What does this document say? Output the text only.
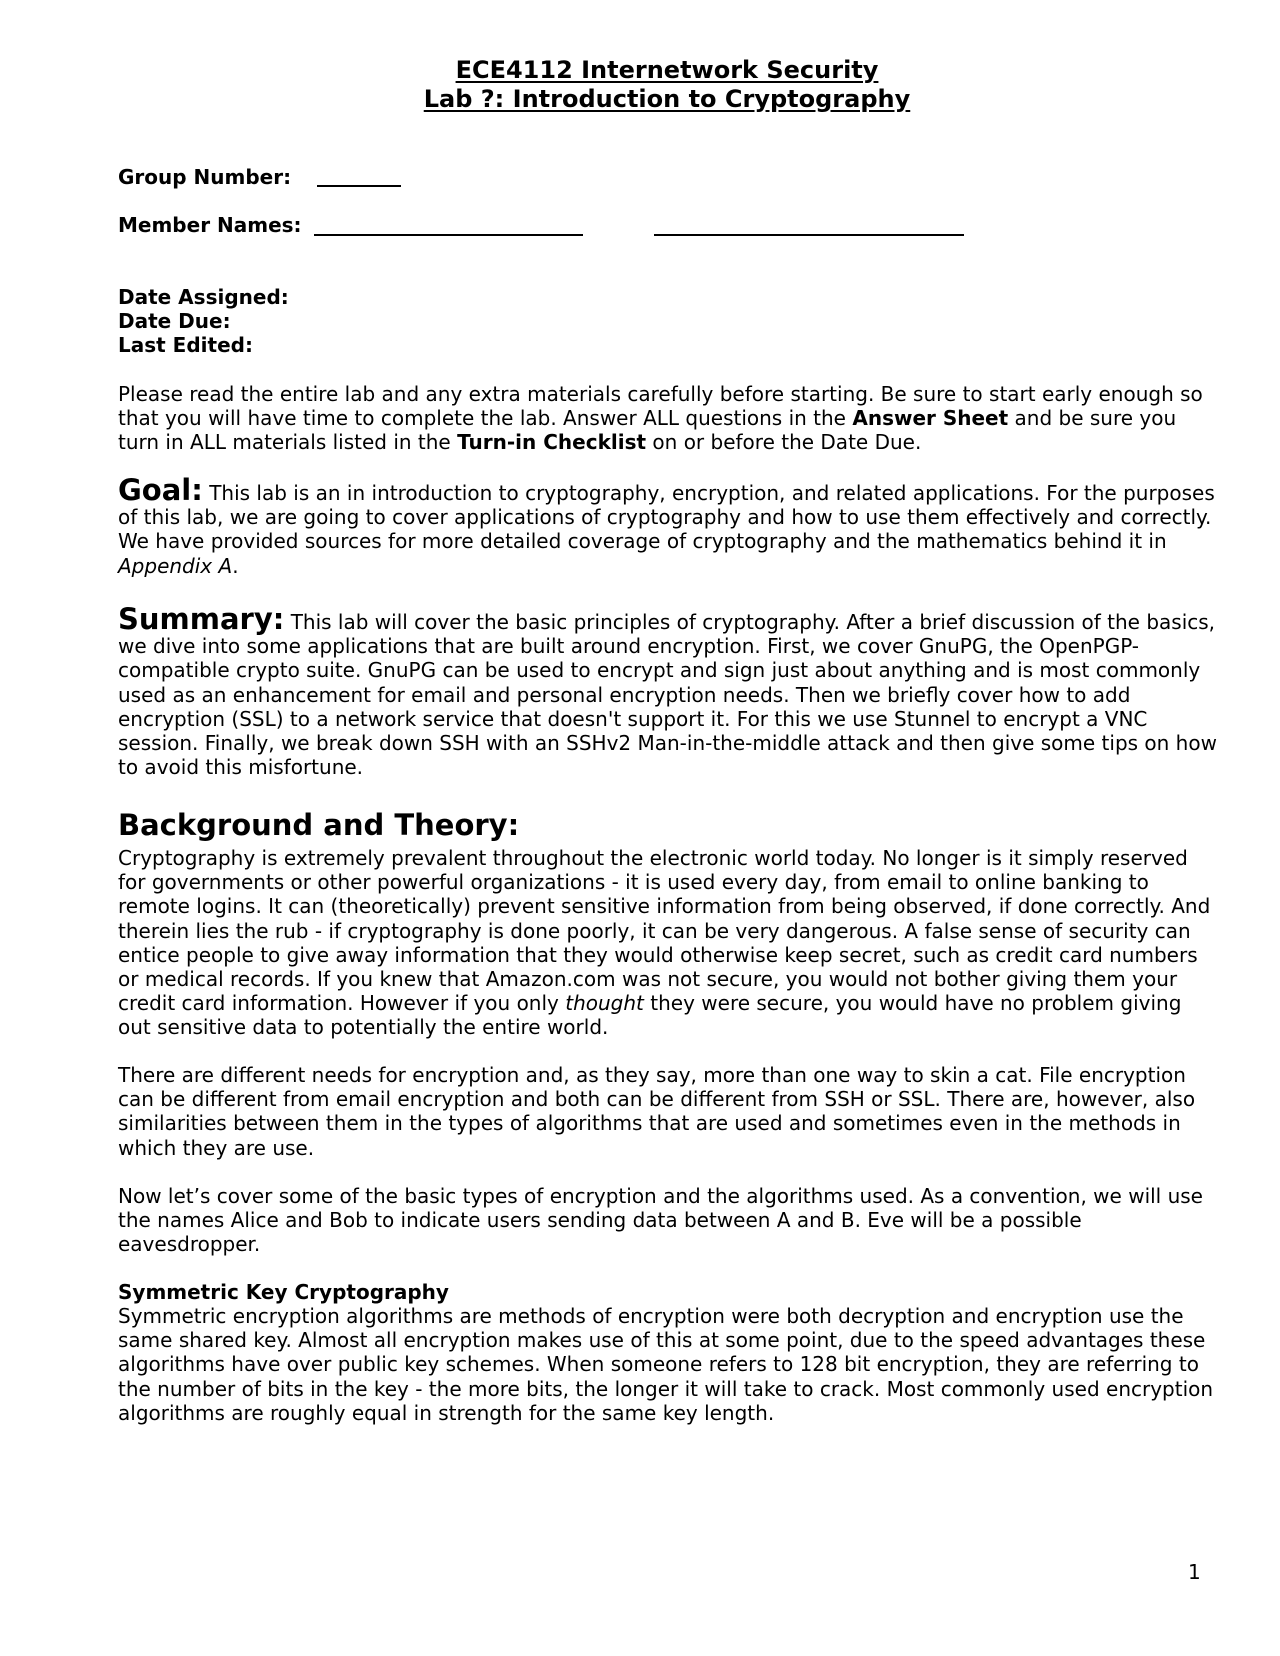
ECE4112 Internetwork Security
Lab ?: Introduction to Cryptography
Group Number:
Member Names:
Date Assigned:
Date Due:
Last Edited:

Please read the entire lab and any extra materials carefully before starting. Be sure to start early enough so that you will have time to complete the lab. Answer ALL questions in the Answer Sheet and be sure you turn in ALL materials listed in the Turn-in Checklist on or before the Date Due.

Goal: This lab is an in introduction to cryptography, encryption, and related applications. For the purposes of this lab, we are going to cover applications of cryptography and how to use them effectively and correctly. We have provided sources for more detailed coverage of cryptography and the mathematics behind it in Appendix A.

Summary: This lab will cover the basic principles of cryptography. After a brief discussion of the basics, we dive into some applications that are built around encryption. First, we cover GnuPG, the OpenPGP-compatible crypto suite. GnuPG can be used to encrypt and sign just about anything and is most commonly used as an enhancement for email and personal encryption needs. Then we briefly cover how to add encryption (SSL) to a network service that doesn't support it. For this we use Stunnel to encrypt a VNC session. Finally, we break down SSH with an SSHv2 Man-in-the-middle attack and then give some tips on how to avoid this misfortune.

Background and Theory:

Cryptography is extremely prevalent throughout the electronic world today. No longer is it simply reserved for governments or other powerful organizations - it is used every day, from email to online banking to remote logins. It can (theoretically) prevent sensitive information from being observed, if done correctly. And therein lies the rub - if cryptography is done poorly, it can be very dangerous. A false sense of security can entice people to give away information that they would otherwise keep secret, such as credit card numbers or medical records. If you knew that Amazon.com was not secure, you would not bother giving them your credit card information. However if you only thought they were secure, you would have no problem giving out sensitive data to potentially the entire world.

There are different needs for encryption and, as they say, more than one way to skin a cat. File encryption can be different from email encryption and both can be different from SSH or SSL. There are, however, also similarities between them in the types of algorithms that are used and sometimes even in the methods in which they are use.

Now let’s cover some of the basic types of encryption and the algorithms used. As a convention, we will use the names Alice and Bob to indicate users sending data between A and B. Eve will be a possible eavesdropper.

Symmetric Key Cryptography

Symmetric encryption algorithms are methods of encryption were both decryption and encryption use the same shared key. Almost all encryption makes use of this at some point, due to the speed advantages these algorithms have over public key schemes. When someone refers to 128 bit encryption, they are referring to the number of bits in the key - the more bits, the longer it will take to crack. Most commonly used encryption algorithms are roughly equal in strength for the same key length.

1
